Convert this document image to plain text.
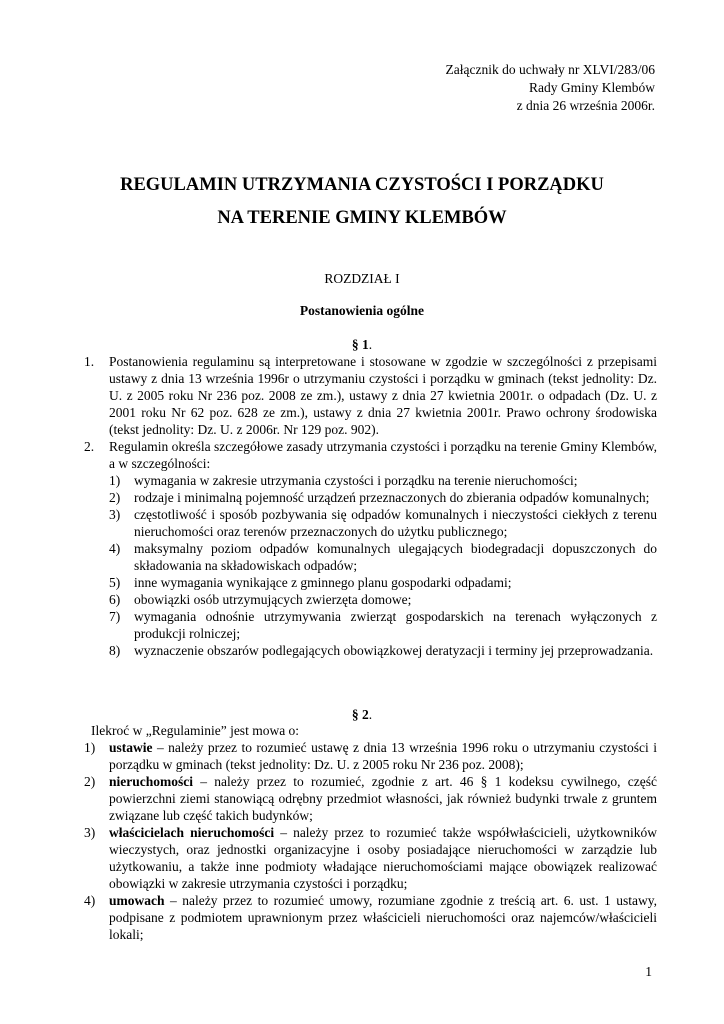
Załącznik do uchwały nr XLVI/283/06
Rady Gminy Klembów
z dnia 26 września 2006r.
REGULAMIN UTRZYMANIA CZYSTOŚCI I PORZĄDKU
NA TERENIE GMINY KLEMBÓW
ROZDZIAŁ I
Postanowienia ogólne
§ 1.
1. Postanowienia regulaminu są interpretowane i stosowane w zgodzie w szczególności z przepisami ustawy z dnia 13 września 1996r o utrzymaniu czystości i porządku w gminach (tekst jednolity: Dz. U. z 2005 roku Nr 236 poz. 2008 ze zm.), ustawy z dnia 27 kwietnia 2001r. o odpadach (Dz. U. z 2001 roku Nr 62 poz. 628 ze zm.), ustawy z dnia 27 kwietnia 2001r. Prawo ochrony środowiska (tekst jednolity: Dz. U. z 2006r. Nr 129 poz. 902).
2. Regulamin określa szczegółowe zasady utrzymania czystości i porządku na terenie Gminy Klembów, a w szczególności:
1) wymagania w zakresie utrzymania czystości i porządku na terenie nieruchomości;
2) rodzaje i minimalną pojemność urządzeń przeznaczonych do zbierania odpadów komunalnych;
3) częstotliwość i sposób pozbywania się odpadów komunalnych i nieczystości ciekłych z terenu nieruchomości oraz terenów przeznaczonych do użytku publicznego;
4) maksymalny poziom odpadów komunalnych ulegających biodegradacji dopuszczonych do składowania na składowiskach odpadów;
5) inne wymagania wynikające z gminnego planu gospodarki odpadami;
6) obowiązki osób utrzymujących zwierzęta domowe;
7) wymagania odnośnie utrzymywania zwierząt gospodarskich na terenach wyłączonych z produkcji rolniczej;
8) wyznaczenie obszarów podlegających obowiązkowej deratyzacji i terminy jej przeprowadzania.
§ 2.
Ilekroć w „Regulaminie” jest mowa o:
1) ustawie – należy przez to rozumieć ustawę z dnia 13 września 1996 roku o utrzymaniu czystości i porządku w gminach (tekst jednolity: Dz. U. z 2005 roku Nr 236 poz. 2008);
2) nieruchomości – należy przez to rozumieć, zgodnie z art. 46 § 1 kodeksu cywilnego, część powierzchni ziemi stanowiącą odrębny przedmiot własności, jak również budynki trwale z gruntem związane lub część takich budynków;
3) właścicielach nieruchomości – należy przez to rozumieć także współwłaścicieli, użytkowników wieczystych, oraz jednostki organizacyjne i osoby posiadające nieruchomości w zarządzie lub użytkowaniu, a także inne podmioty władające nieruchomościami mające obowiązek realizować obowiązki w zakresie utrzymania czystości i porządku;
4) umowach – należy przez to rozumieć umowy, rozumiane zgodnie z treścią art. 6. ust. 1 ustawy, podpisane z podmiotem uprawnionym przez właścicieli nieruchomości oraz najemców/właścicieli lokali;
1
